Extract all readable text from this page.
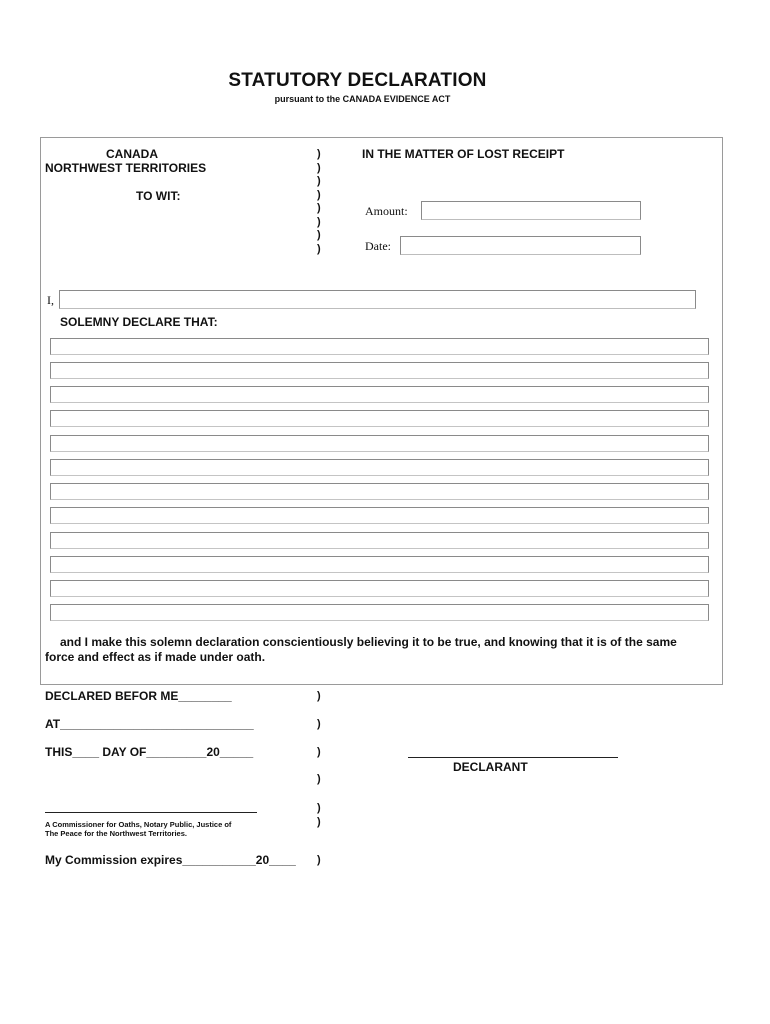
STATUTORY DECLARATION
pursuant to the CANADA EVIDENCE ACT
CANADA
NORTHWEST TERRITORIES
TO WIT:
)
)
)
)
)
)
)
)
IN THE MATTER OF LOST RECEIPT
Amount:
Date:
I,
SOLEMNY DECLARE THAT:
and I make this solemn declaration conscientiously believing it to be true, and knowing that it is of the same force and effect as if made under oath.
DECLARED BEFOR ME________
AT_____________________________
THIS____ DAY OF_________20_____
)
)
)
)
)
)
)
DECLARANT
A Commissioner for Oaths, Notary Public, Justice of
The Peace for the Northwest Territories.
My Commission expires___________20____
